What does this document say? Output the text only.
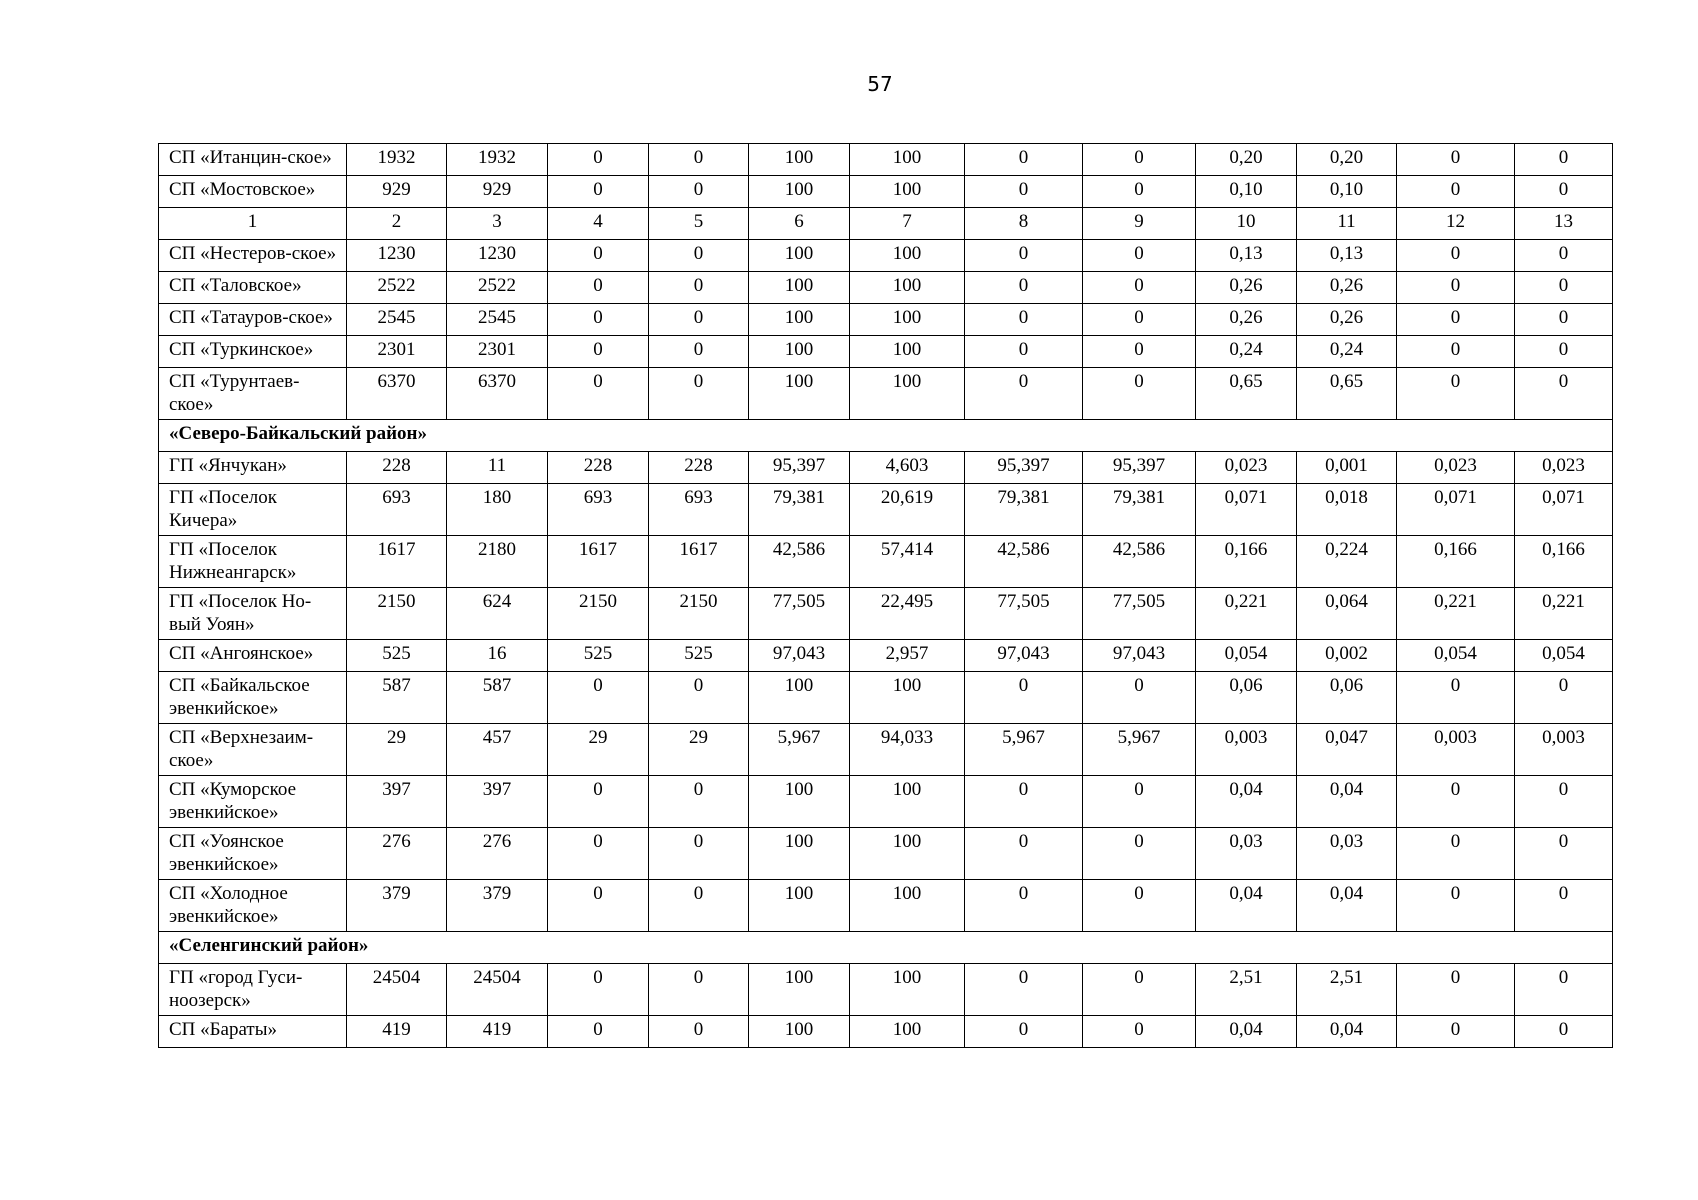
57
СП «Итанцин-ское»	1932	1932	0	0	100	100	0	0	0,20	0,20	0	0
СП «Мостовское»	929	929	0	0	100	100	0	0	0,10	0,10	0	0
1	2	3	4	5	6	7	8	9	10	11	12	13
СП «Нестеров-ское»	1230	1230	0	0	100	100	0	0	0,13	0,13	0	0
СП «Таловское»	2522	2522	0	0	100	100	0	0	0,26	0,26	0	0
СП «Татауров-ское»	2545	2545	0	0	100	100	0	0	0,26	0,26	0	0
СП «Туркинское»	2301	2301	0	0	100	100	0	0	0,24	0,24	0	0
СП «Турунтаев-ское»	6370	6370	0	0	100	100	0	0	0,65	0,65	0	0
«Северо-Байкальский район»												
ГП «Янчукан»	228	11	228	228	95,397	4,603	95,397	95,397	0,023	0,001	0,023	0,023
ГП «Поселок Кичера»	693	180	693	693	79,381	20,619	79,381	79,381	0,071	0,018	0,071	0,071
ГП «Поселок Нижнеангарск»	1617	2180	1617	1617	42,586	57,414	42,586	42,586	0,166	0,224	0,166	0,166
ГП «Поселок Но-вый Уоян»	2150	624	2150	2150	77,505	22,495	77,505	77,505	0,221	0,064	0,221	0,221
СП «Ангоянское»	525	16	525	525	97,043	2,957	97,043	97,043	0,054	0,002	0,054	0,054
СП «Байкальское эвенкийское»	587	587	0	0	100	100	0	0	0,06	0,06	0	0
СП «Верхнезаим-ское»	29	457	29	29	5,967	94,033	5,967	5,967	0,003	0,047	0,003	0,003
СП «Куморское эвенкийское»	397	397	0	0	100	100	0	0	0,04	0,04	0	0
СП «Уоянское эвенкийское»	276	276	0	0	100	100	0	0	0,03	0,03	0	0
СП «Холодное эвенкийское»	379	379	0	0	100	100	0	0	0,04	0,04	0	0
«Селенгинский район»												
ГП «город Гуси-ноозерск»	24504	24504	0	0	100	100	0	0	2,51	2,51	0	0
СП «Бараты»	419	419	0	0	100	100	0	0	0,04	0,04	0	0
